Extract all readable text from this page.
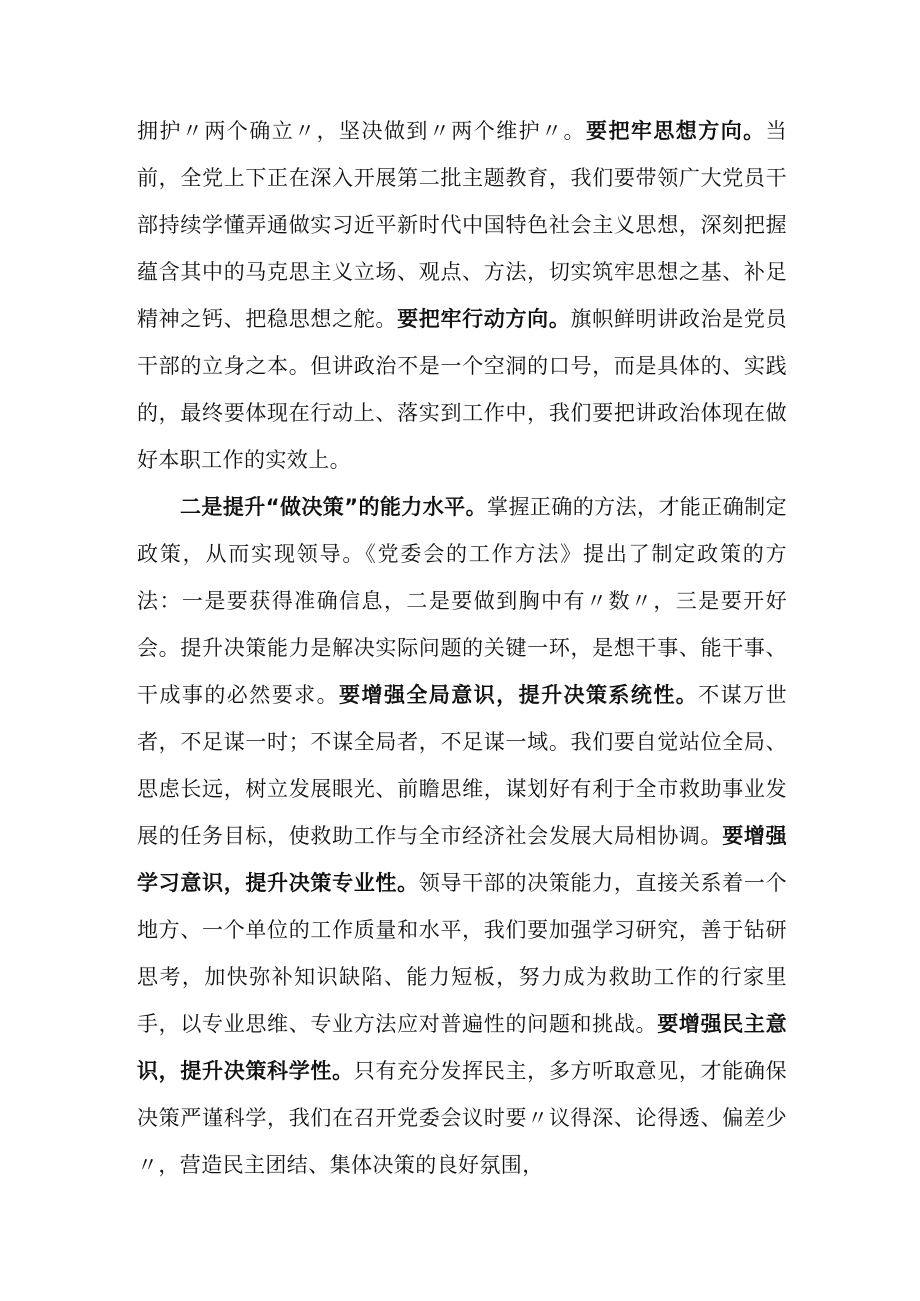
拥护〃两个确立〃，坚决做到〃两个维护〃。要把牢思想方向。当前，全党上下正在深入开展第二批主题教育，我们要带领广大党员干部持续学懂弄通做实习近平新时代中国特色社会主义思想，深刻把握蕴含其中的马克思主义立场、观点、方法，切实筑牢思想之基、补足精神之钙、把稳思想之舵。要把牢行动方向。旗帜鲜明讲政治是党员干部的立身之本。但讲政治不是一个空洞的口号，而是具体的、实践的，最终要体现在行动上、落实到工作中，我们要把讲政治体现在做好本职工作的实效上。

二是提升“做决策”的能力水平。掌握正确的方法，才能正确制定政策，从而实现领导。《党委会的工作方法》提出了制定政策的方法：一是要获得准确信息，二是要做到胸中有〃数〃，三是要开好会。提升决策能力是解决实际问题的关键一环，是想干事、能干事、干成事的必然要求。要增强全局意识，提升决策系统性。不谋万世者，不足谋一时；不谋全局者，不足谋一域。我们要自觉站位全局、思虑长远，树立发展眼光、前瞻思维，谋划好有利于全市救助事业发展的任务目标，使救助工作与全市经济社会发展大局相协调。要增强学习意识，提升决策专业性。领导干部的决策能力，直接关系着一个地方、一个单位的工作质量和水平，我们要加强学习研究，善于钻研思考，加快弥补知识缺陷、能力短板，努力成为救助工作的行家里手，以专业思维、专业方法应对普遍性的问题和挑战。要增强民主意识，提升决策科学性。只有充分发挥民主，多方听取意见，才能确保决策严谨科学，我们在召开党委会议时要〃议得深、论得透、偏差少〃，营造民主团结、集体决策的良好氛围，
